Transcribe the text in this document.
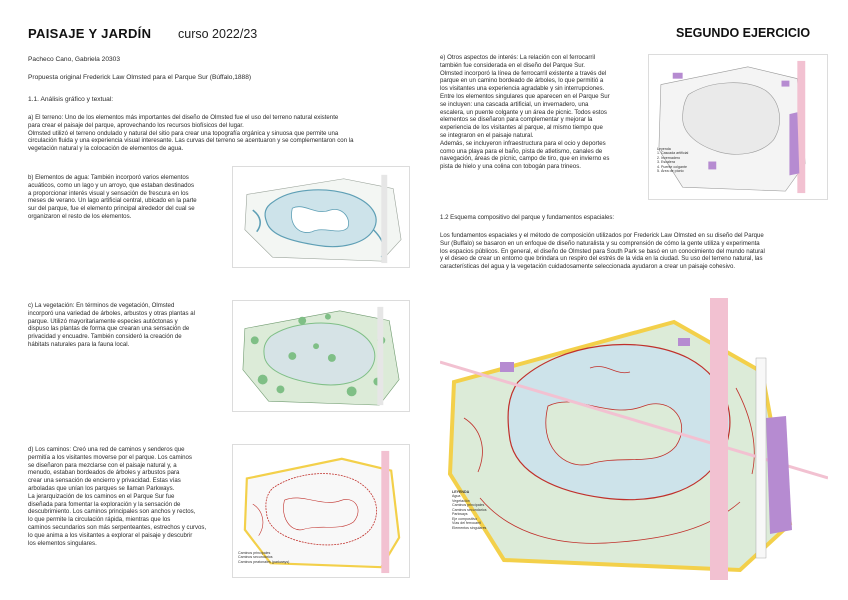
PAISAJE Y JARDÍN curso 2022/23	SEGUNDO EJERCICIO
Pacheco Cano, Gabriela 20303
Propuesta original Frederick Law Olmsted para el Parque Sur (Búffalo,1888)
1.1. Análisis gráfico y textual:
a) El terreno: Uno de los elementos más importantes del diseño de Olmsted fue el uso del terreno natural existente
para crear el paisaje del parque, aprovechando los recursos biofísicos del lugar.
Olmsted utilizó el terreno ondulado y natural del sitio para crear una topografía orgánica y sinuosa que permite una
circulación fluida y una experiencia visual interesante. Las curvas del terreno se acentuaron y se complementaron con la
vegetación natural y la colocación de elementos de agua.
b) Elementos de agua: También incorporó varios elementos
acuáticos, como un lago y un arroyo, que estaban destinados
a proporcionar interés visual y sensación de frescura en los
meses de verano. Un lago artificial central, ubicado en la parte
sur del parque, fue el elemento principal alrededor del cual se
organizaron el resto de los elementos.
c) La vegetación: En términos de vegetación, Olmsted
incorporó una variedad de árboles, arbustos y otras plantas al
parque. Utilizó mayoritariamente especies autóctonas y
dispuso las plantas de forma que crearan una sensación de
privacidad y encuadre. También consideró la creación de
hábitats naturales para la fauna local.
d) Los caminos: Creó una red de caminos y senderos que
permitía a los visitantes moverse por el parque. Los caminos
se diseñaron para mezclarse con el paisaje natural y, a
menudo, estaban bordeados de árboles y arbustos para
crear una sensación de encierro y privacidad. Estas vías
arboladas que unían los parques se llaman Parkways.
La jerarquización de los caminos en el Parque Sur fue
diseñada para fomentar la exploración y la sensación de
descubrimiento. Los caminos principales son anchos y rectos,
lo que permite la circulación rápida, mientras que los
caminos secundarios son más serpenteantes, estrechos y curvos,
lo que anima a los visitantes a explorar el paisaje y descubrir
los elementos singulares.
Caminos principales
Caminos secundarios
Caminos peatonales (parkways)
e) Otros aspectos de interés: La relación con el ferrocarril
también fue considerada en el diseño del Parque Sur.
Olmsted incorporó la línea de ferrocarril existente a través del
parque en un camino bordeado de árboles, lo que permitió a
los visitantes una experiencia agradable y sin interrupciones.
Entre los elementos singulares que aparecen en el Parque Sur
se incluyen: una cascada artificial, un invernadero, una
escalera, un puente colgante y un área de picnic. Todos estos
elementos se diseñaron para complementar y mejorar la
experiencia de los visitantes al parque, al mismo tiempo que
se integraron en el paisaje natural.
Además, se incluyeron infraestructura para el ocio y deportes
como una playa para el baño, pista de atletismo, canales de
navegación, áreas de pícnic, campo de tiro, que en invierno es
pista de hielo y una colina con tobogán para trineos.
Leyenda
1. Cascada artificial
2. Invernadero
3. Escalera
4. Puente colgante
5. Área de pícnic
1.2 Esquema compositivo del parque y fundamentos espaciales:
Los fundamentos espaciales y el método de composición utilizados por Frederick Law Olmsted en su diseño del Parque
Sur (Buffalo) se basaron en un enfoque de diseño naturalista y su comprensión de cómo la gente utiliza y experimenta
los espacios públicos. En general, el diseño de Olmsted para South Park se basó en un conocimiento del mundo natural
y el deseo de crear un entorno que brindara un respiro del estrés de la vida en la ciudad. Su uso del terreno natural, las
características del agua y la vegetación cuidadosamente seleccionada ayudaron a crear un paisaje cohesivo.
LEYENDA
Agua
Vegetación
Caminos principales
Caminos secundarios
Parkways
Eje compositivo
Vías del ferrocarril
Elementos singulares
